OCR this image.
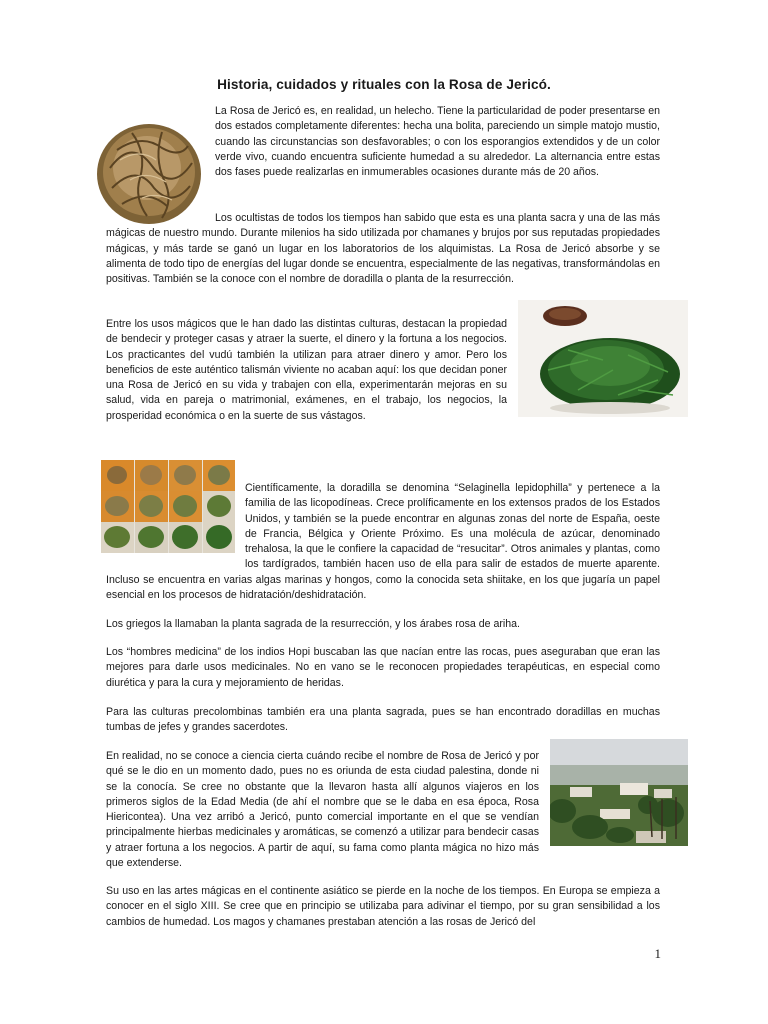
Historia, cuidados y rituales con la Rosa de Jericó.

La Rosa de Jericó es, en realidad, un helecho. Tiene la particularidad de poder presentarse en dos estados completamente diferentes: hecha una bolita, pareciendo un simple matojo mustio, cuando las circunstancias son desfavorables; o con los esporangios extendidos y de un color verde vivo, cuando encuentra suficiente humedad a su alrededor. La alternancia entre estas dos fases puede realizarlas en inmumerables ocasiones durante más de 20 años.

Los ocultistas de todos los tiempos han sabido que esta es una planta sacra y una de las más mágicas de nuestro mundo. Durante milenios ha sido utilizada por chamanes y brujos por sus reputadas propiedades mágicas, y más tarde se ganó un lugar en los laboratorios de los alquimistas. La Rosa de Jericó absorbe y se alimenta de todo tipo de energías del lugar donde se encuentra, especialmente de las negativas, transformándolas en positivas. También se la conoce con el nombre de doradilla o planta de la resurrección.

Entre los usos mágicos que le han dado las distintas culturas, destacan la propiedad de bendecir y proteger casas y atraer la suerte, el dinero y la fortuna a los negocios. Los practicantes del vudú también la utilizan para atraer dinero y amor. Pero los beneficios de este auténtico talismán viviente no acaban aquí: los que decidan poner una Rosa de Jericó en su vida y trabajen con ella, experimentarán mejoras en su salud, vida en pareja o matrimonial, exámenes, en el trabajo, los negocios, la prosperidad económica o en la suerte de sus vástagos.

Científicamente, la doradilla se denomina “Selaginella lepidophilla” y pertenece a la familia de las licopodíneas. Crece prolíficamente en los extensos prados de los Estados Unidos, y también se la puede encontrar en algunas zonas del norte de España, oeste de Francia, Bélgica y Oriente Próximo. Es una molécula de azúcar, denominado trehalosa, la que le confiere la capacidad de “resucitar”. Otros animales y plantas, como los tardígrados, también hacen uso de ella para salir de estados de muerte aparente. Incluso se encuentra en varias algas marinas y hongos, como la conocida seta shiitake, en los que jugaría un papel esencial en los procesos de hidratación/deshidratación.

Los griegos la llamaban la planta sagrada de la resurrección, y los árabes rosa de ariha.

Los “hombres medicina” de los indios Hopi buscaban las que nacían entre las rocas, pues aseguraban que eran las mejores para darle usos medicinales. No en vano se le reconocen propiedades terapéuticas, en especial como diurética y para la cura y mejoramiento de heridas.

Para las culturas precolombinas también era una planta sagrada, pues se han encontrado doradillas en muchas tumbas de jefes y grandes sacerdotes.

En realidad, no se conoce a ciencia cierta cuándo recibe el nombre de Rosa de Jericó y por qué se le dio en un momento dado, pues no es oriunda de esta ciudad palestina, donde ni se la conocía. Se cree no obstante que la llevaron hasta allí algunos viajeros en los primeros siglos de la Edad Media (de ahí el nombre que se le daba en esa época, Rosa Hiericontea). Una vez arribó a Jericó, punto comercial importante en el que se vendían principalmente hierbas medicinales y aromáticas, se comenzó a utilizar para bendecir casas y atraer fortuna a los negocios. A partir de aquí, su fama como planta mágica no hizo más que extenderse.

Su uso en las artes mágicas en el continente asiático se pierde en la noche de los tiempos. En Europa se empieza a conocer en el siglo XIII. Se cree que en principio se utilizaba para adivinar el tiempo, por su gran sensibilidad a los cambios de humedad. Los magos y chamanes prestaban atención a las rosas de Jericó del

1
